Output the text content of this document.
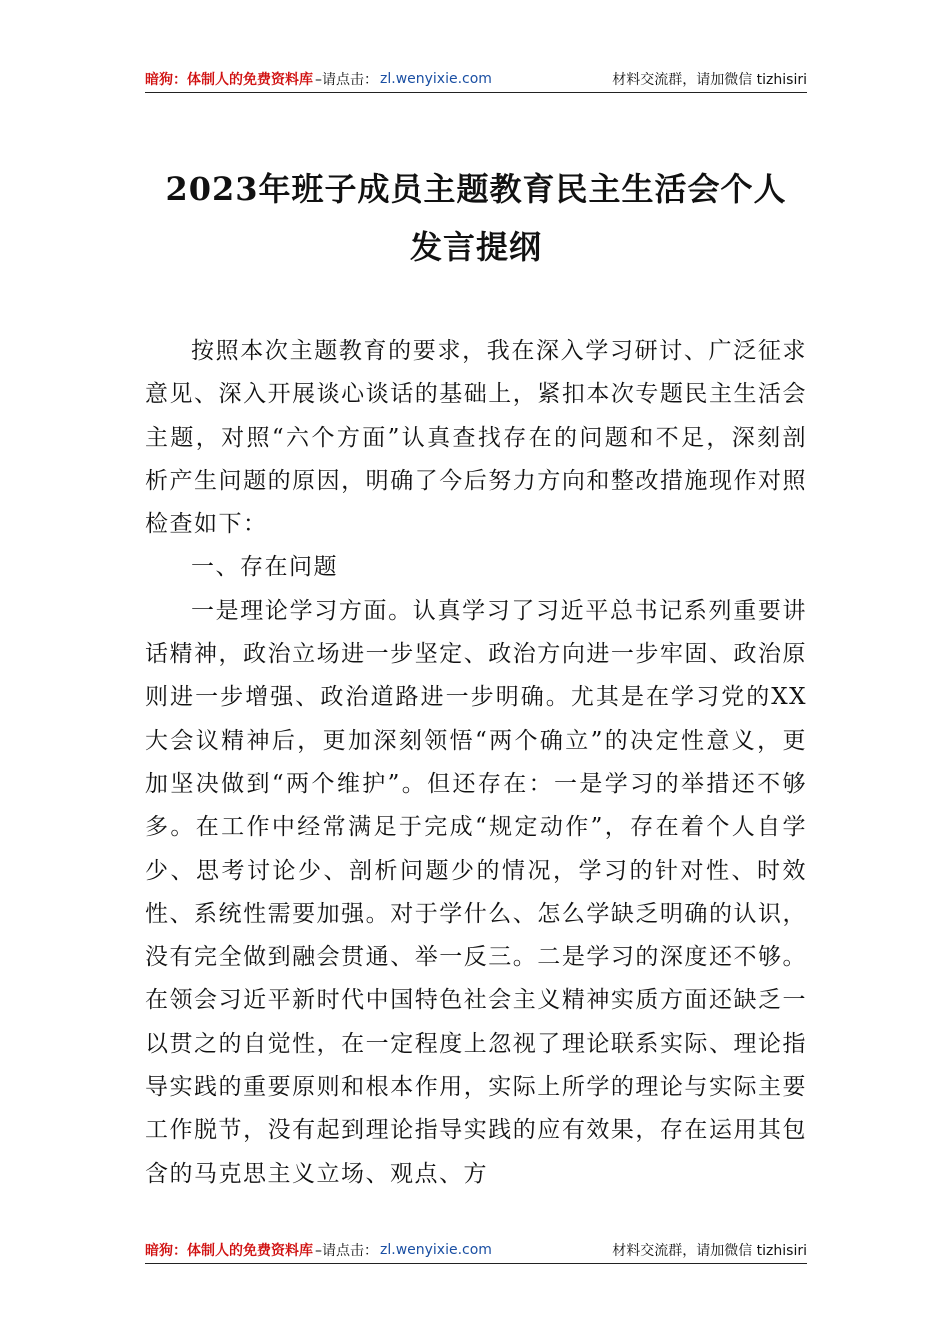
暗狗：体制人的免费资料库 –请点击： zl.wenyixie.com	材料交流群，请加微信 tizhisiri
2023年班子成员主题教育民主生活会个人
发言提纲

按照本次主题教育的要求，我在深入学习研讨、广泛征求意见、深入开展谈心谈话的基础上，紧扣本次专题民主生活会主题，对照“六个方面”认真查找存在的问题和不足，深刻剖析产生问题的原因，明确了今后努力方向和整改措施现作对照检查如下：

一、存在问题

一是理论学习方面。认真学习了习近平总书记系列重要讲话精神，政治立场进一步坚定、政治方向进一步牢固、政治原则进一步增强、政治道路进一步明确。尤其是在学习党的XX大会议精神后，更加深刻领悟“两个确立”的决定性意义，更加坚决做到“两个维护”。但还存在：一是学习的举措还不够多。在工作中经常满足于完成“规定动作”，存在着个人自学少、思考讨论少、剖析问题少的情况，学习的针对性、时效性、系统性需要加强。对于学什么、怎么学缺乏明确的认识，没有完全做到融会贯通、举一反三。二是学习的深度还不够。在领会习近平新时代中国特色社会主义精神实质方面还缺乏一以贯之的自觉性，在一定程度上忽视了理论联系实际、理论指导实践的重要原则和根本作用，实际上所学的理论与实际主要工作脱节，没有起到理论指导实践的应有效果，存在运用其包含的马克思主义立场、观点、方

暗狗：体制人的免费资料库 –请点击： zl.wenyixie.com	材料交流群，请加微信 tizhisiri
